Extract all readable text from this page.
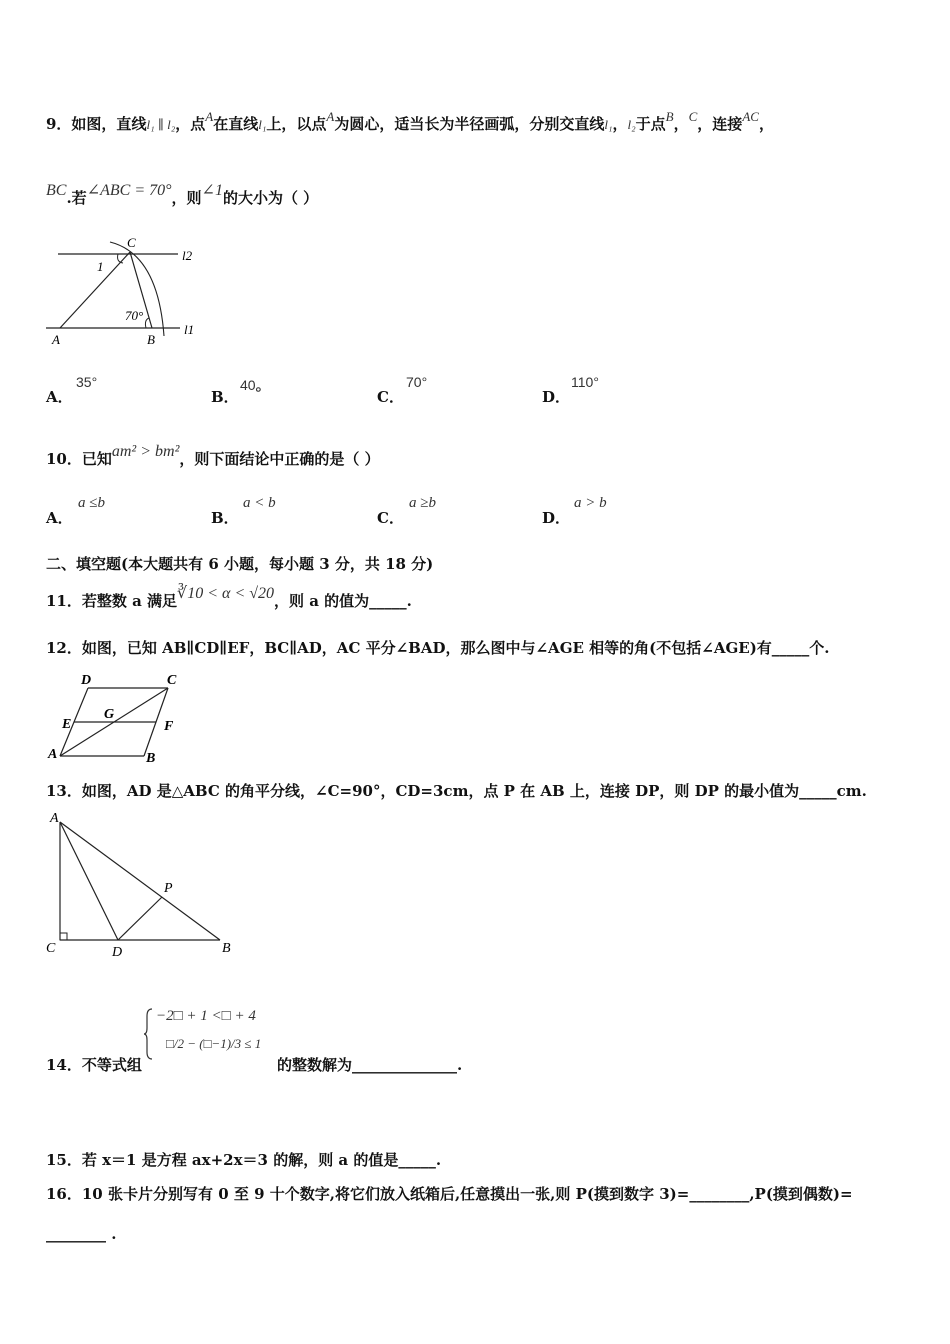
9．如图，直线l₁ ∥ l₂，点A在直线l₁上，以点A为圆心，适当长为半径画弧，分别交直线l₁，l₂于点B，C，连接AC，
BC.若∠ABC = 70°，则∠1的大小为（ ）
C
l2
1
70°
A	B
l1
A．
35°
B．
40。
C．
70°
D．
110°
10．已知am² > bm²，则下面结论中正确的是（ ）
A．
a ≤b
B．
a < b
C．
a ≥b
D．
a > b
二、填空题(本大题共有 6 小题，每小题 3 分，共 18 分)
11．若整数 a 满足∛10 < α < √20，则 a 的值为_____.
12．如图，已知 AB∥CD∥EF，BC∥AD，AC 平分∠BAD，那么图中与∠AGE 相等的角(不包括∠AGE)有_____个.
D	C
E
G
F
A	B
13．如图，AD 是△ABC 的角平分线，∠C=90°，CD=3cm，点 P 在 AB 上，连接 DP，则 DP 的最小值为_____cm.
A
P
C	D	B
14．不等式组
−2□ + 1 <□ + 4
□/2 − (□−1)/3 ≤ 1
的整数解为______________.
15．若 x＝1 是方程 ax+2x＝3 的解，则 a 的值是_____.
16．10 张卡片分别写有 0 至 9 十个数字,将它们放入纸箱后,任意摸出一张,则 P(摸到数字 3)=________,P(摸到偶数)=
________ .
